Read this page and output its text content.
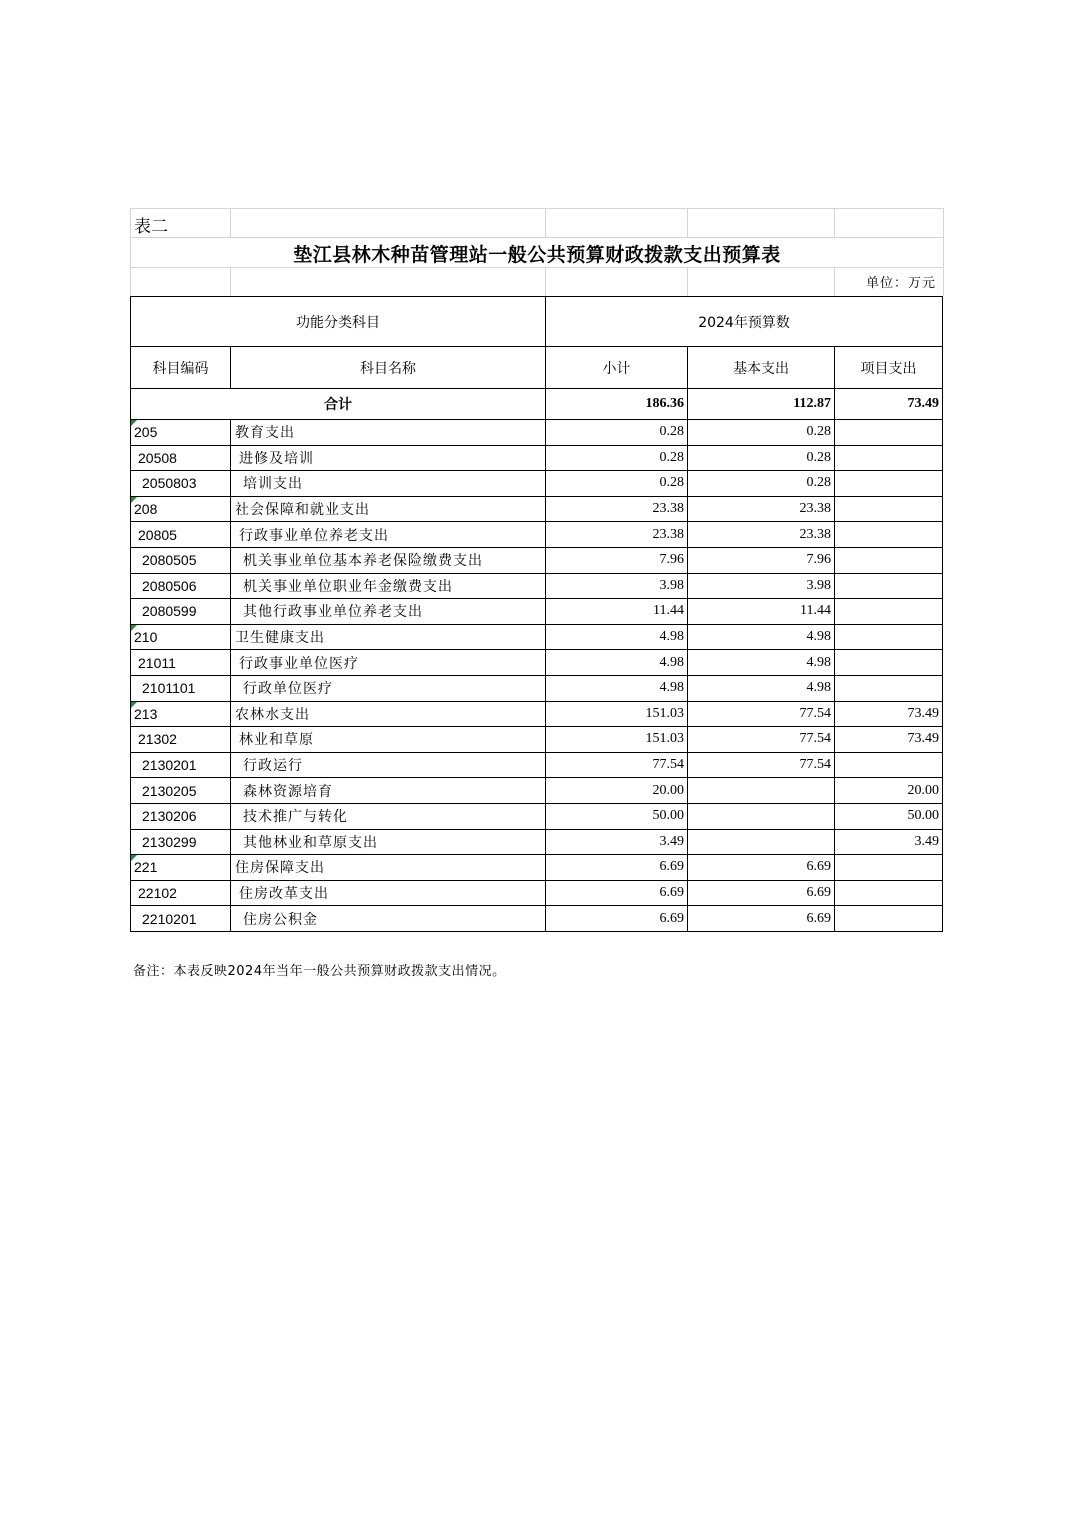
表二
垫江县林木种苗管理站一般公共预算财政拨款支出预算表
单位：万元
功能分类科目		2024年预算数		
科目编码	科目名称	小计	基本支出	项目支出
合计		186.36	112.87	73.49
205	教育支出	0.28	0.28	
20508	进修及培训	0.28	0.28	
2050803	培训支出	0.28	0.28	
208	社会保障和就业支出	23.38	23.38	
20805	行政事业单位养老支出	23.38	23.38	
2080505	机关事业单位基本养老保险缴费支出	7.96	7.96	
2080506	机关事业单位职业年金缴费支出	3.98	3.98	
2080599	其他行政事业单位养老支出	11.44	11.44	
210	卫生健康支出	4.98	4.98	
21011	行政事业单位医疗	4.98	4.98	
2101101	行政单位医疗	4.98	4.98	
213	农林水支出	151.03	77.54	73.49
21302	林业和草原	151.03	77.54	73.49
2130201	行政运行	77.54	77.54	
2130205	森林资源培育	20.00		20.00
2130206	技术推广与转化	50.00		50.00
2130299	其他林业和草原支出	3.49		3.49
221	住房保障支出	6.69	6.69	
22102	住房改革支出	6.69	6.69	
2210201	住房公积金	6.69	6.69	
备注：本表反映2024年当年一般公共预算财政拨款支出情况。
